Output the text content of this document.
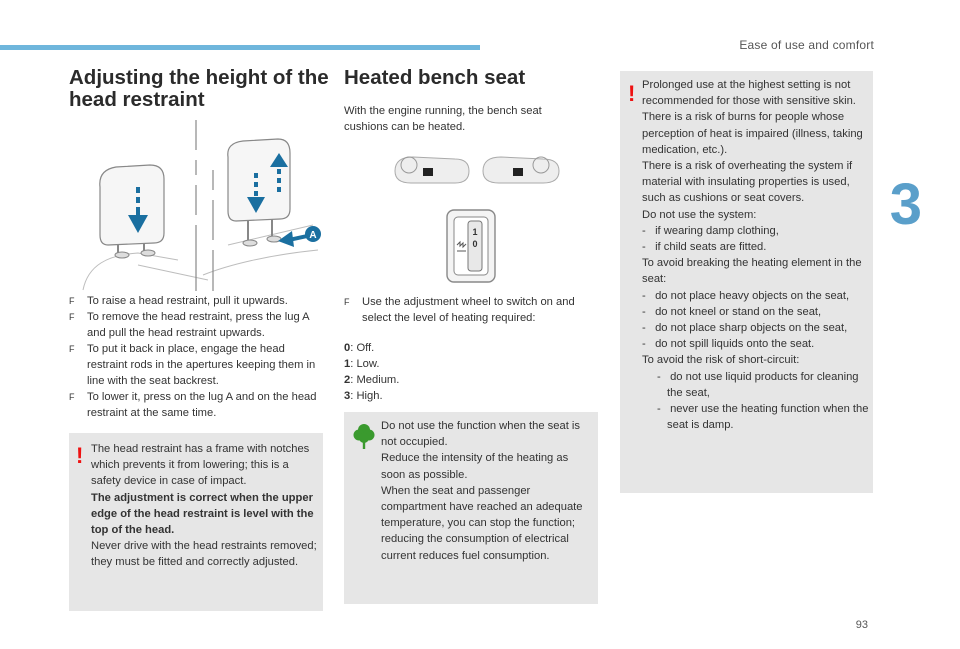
Ease of use and comfort
3
93
Adjusting the height of the head restraint
A
F To raise a head restraint, pull it upwards.
F To remove the head restraint, press the lug A and pull the head restraint upwards.
F To put it back in place, engage the head restraint rods in the apertures keeping them in line with the seat backrest.
F To lower it, press on the lug A and on the head restraint at the same time.
! The head restraint has a frame with notches which prevents it from lowering; this is a safety device in case of impact.
The adjustment is correct when the upper edge of the head restraint is level with the top of the head.
Never drive with the head restraints removed; they must be fitted and correctly adjusted.

Heated bench seat

With the engine running, the bench seat cushions can be heated.

1
0
F Use the adjustment wheel to switch on and select the level of heating required:
0: Off.
1: Low.
2: Medium.
3: High.

Do not use the function when the seat is not occupied.
Reduce the intensity of the heating as soon as possible.
When the seat and passenger compartment have reached an adequate temperature, you can stop the function; reducing the consumption of electrical current reduces fuel consumption.

! Prolonged use at the highest setting is not recommended for those with sensitive skin.
There is a risk of burns for people whose perception of heat is impaired (illness, taking medication, etc.).
There is a risk of overheating the system if material with insulating properties is used, such as cushions or seat covers.
Do not use the system:

-   if wearing damp clothing,
-   if child seats are fitted.
To avoid breaking the heating element in the seat:

-   do not place heavy objects on the seat,
-   do not kneel or stand on the seat,
-   do not place sharp objects on the seat,
-   do not spill liquids onto the seat.
To avoid the risk of short-circuit:

-   do not use liquid products for cleaning the seat,
-   never use the heating function when the seat is damp.
